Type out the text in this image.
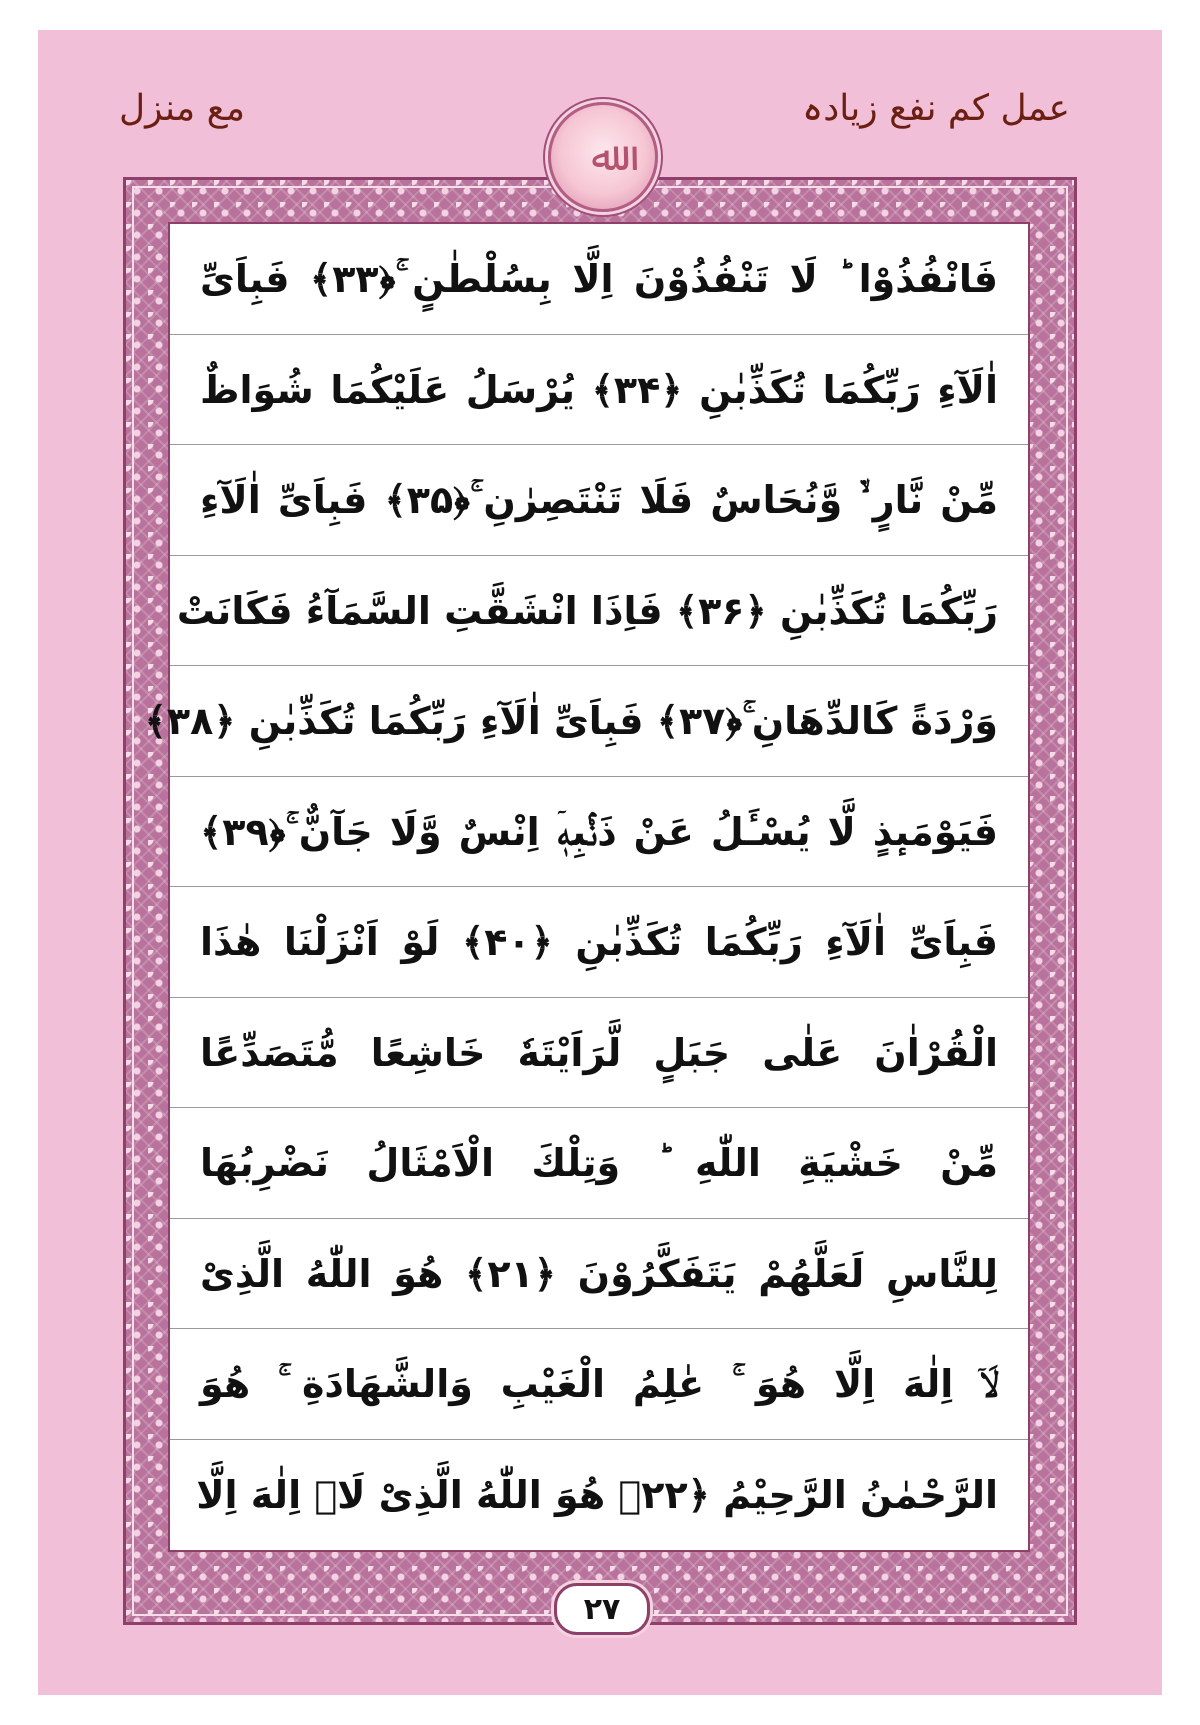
عمل کم نفع زیادہ
مع منزل
ﷲ
فَانْفُذُوْا ؕ لَا تَنْفُذُوْنَ اِلَّا بِسُلْطٰنٍ ۚ﴿۳۳﴾ فَبِاَیِّ
اٰلَآءِ رَبِّكُمَا تُكَذِّبٰنِ ﴿۳۴﴾ یُرْسَلُ عَلَیْكُمَا شُوَاظٌ
مِّنْ نَّارٍ ۙ۬ وَّنُحَاسٌ فَلَا تَنْتَصِرٰنِ ۚ﴿۳۵﴾ فَبِاَیِّ اٰلَآءِ
رَبِّكُمَا تُكَذِّبٰنِ ﴿۳۶﴾ فَاِذَا انْشَقَّتِ السَّمَآءُ فَكَانَتْ
وَرْدَةً كَالدِّهَانِ ۚ﴿۳۷﴾ فَبِاَیِّ اٰلَآءِ رَبِّكُمَا تُكَذِّبٰنِ ﴿۳۸﴾
فَیَوْمَىٕذٍ لَّا یُسْـَٔلُ عَنْ ذَنْۢبِهٖۤ اِنْسٌ وَّلَا جَآنٌّ ۚ﴿۳۹﴾
فَبِاَیِّ اٰلَآءِ رَبِّكُمَا تُكَذِّبٰنِ ﴿۴۰﴾ لَوْ اَنْزَلْنَا هٰذَا
الْقُرْاٰنَ عَلٰى جَبَلٍ لَّرَاَیْتَهٗ خَاشِعًا مُّتَصَدِّعًا
مِّنْ خَشْیَةِ اللّٰهِ ؕ وَتِلْكَ الْاَمْثَالُ نَضْرِبُهَا
لِلنَّاسِ لَعَلَّهُمْ یَتَفَكَّرُوْنَ ﴿۲۱﴾ هُوَ اللّٰهُ الَّذِیْ
لَاۤ اِلٰهَ اِلَّا هُوَ ۚ عٰلِمُ الْغَیْبِ وَالشَّهَادَةِ ۚ هُوَ
الرَّحْمٰنُ الرَّحِیْمُ ﴿۲۲﴾ هُوَ اللّٰهُ الَّذِیْ لَاۤ اِلٰهَ اِلَّا
٢٧
